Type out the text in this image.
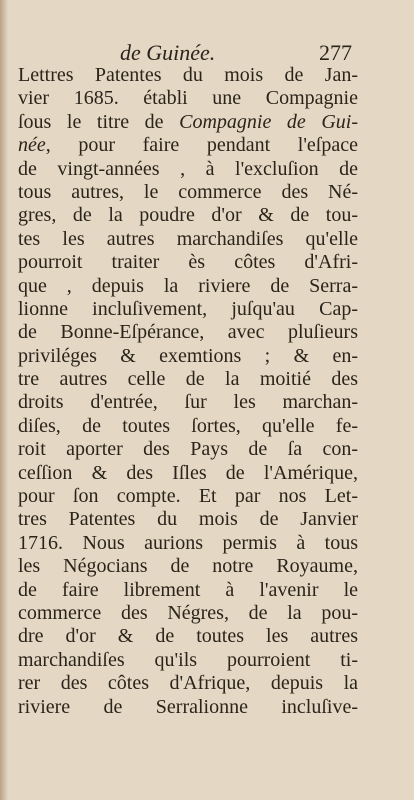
de Guinée.	277
Lettres Patentes du mois de Jan-
vier 1685. établi une Compagnie
ſous le titre de Compagnie de Gui-
née, pour faire pendant l'eſpace
de vingt-années , à l'excluſion de
tous autres, le commerce des Né-
gres, de la poudre d'or & de tou-
tes les autres marchandiſes qu'elle
pourroit traiter ès côtes d'Afri-
que , depuis la riviere de Serra-
lionne incluſivement, juſqu'au Cap-
de Bonne-Eſpérance, avec pluſieurs
priviléges & exemtions ; & en-
tre autres celle de la moitié des
droits d'entrée, ſur les marchan-
diſes, de toutes ſortes, qu'elle fe-
roit aporter des Pays de ſa con-
ceſſion & des Iſles de l'Amérique,
pour ſon compte. Et par nos Let-
tres Patentes du mois de Janvier
1716. Nous aurions permis à tous
les Négocians de notre Royaume,
de faire librement à l'avenir le
commerce des Négres, de la pou-
dre d'or & de toutes les autres
marchandiſes qu'ils pourroient ti-
rer des côtes d'Afrique, depuis la
riviere de Serralionne incluſive-
